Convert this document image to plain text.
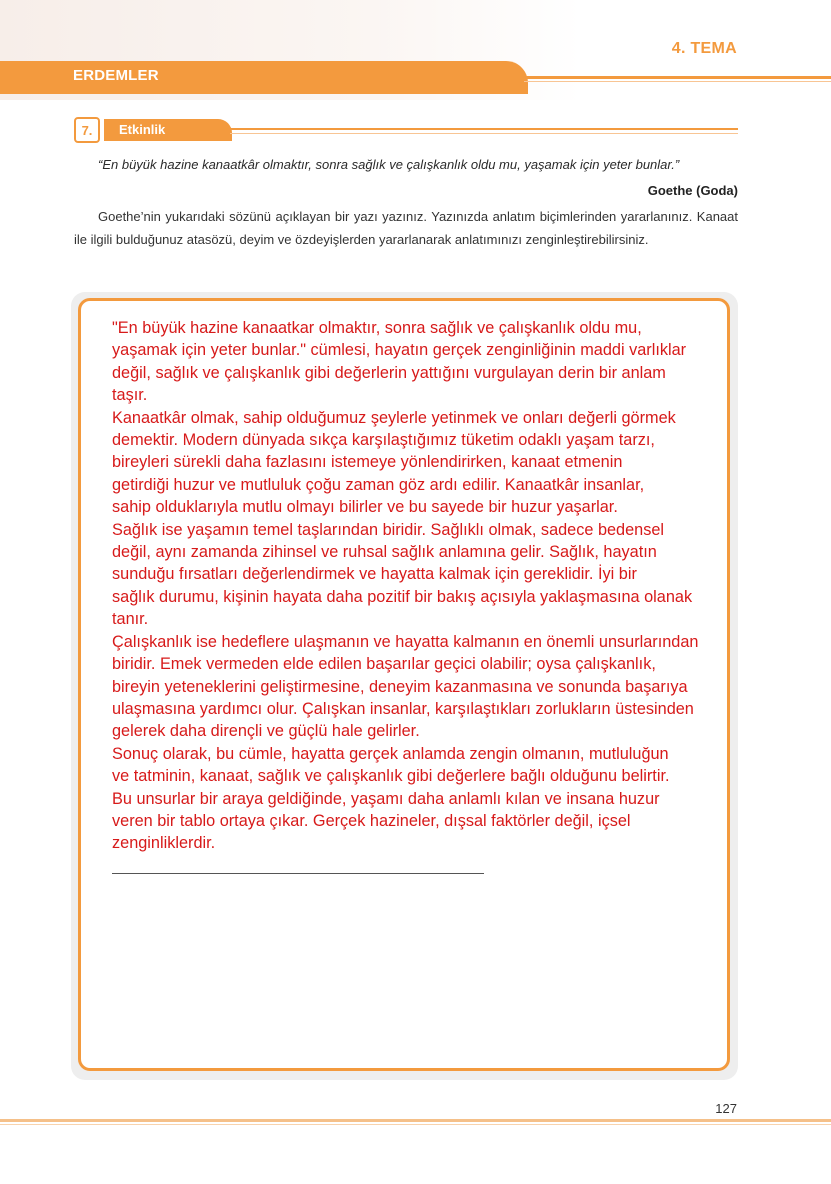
4. TEMA
ERDEMLER
7.	Etkinlik
“En büyük hazine kanaatkâr olmaktır, sonra sağlık ve çalışkanlık oldu mu, yaşamak için yeter bunlar.”
Goethe (Goda)
Goethe’nin yukarıdaki sözünü açıklayan bir yazı yazınız. Yazınızda anlatım biçimlerinden yararlanınız. Kanaat ile ilgili bulduğunuz atasözü, deyim ve özdeyişlerden yararlanarak anlatımınızı zenginleştirebilirsiniz.

"En büyük hazine kanaatkar olmaktır, sonra sağlık ve çalışkanlık oldu mu,

yaşamak için yeter bunlar." cümlesi, hayatın gerçek zenginliğinin maddi varlıklar

değil, sağlık ve çalışkanlık gibi değerlerin yattığını vurgulayan derin bir anlam

taşır.

Kanaatkâr olmak, sahip olduğumuz şeylerle yetinmek ve onları değerli görmek

demektir. Modern dünyada sıkça karşılaştığımız tüketim odaklı yaşam tarzı,

bireyleri sürekli daha fazlasını istemeye yönlendirirken, kanaat etmenin

getirdiği huzur ve mutluluk çoğu zaman göz ardı edilir. Kanaatkâr insanlar,

sahip olduklarıyla mutlu olmayı bilirler ve bu sayede bir huzur yaşarlar.

Sağlık ise yaşamın temel taşlarından biridir. Sağlıklı olmak, sadece bedensel

değil, aynı zamanda zihinsel ve ruhsal sağlık anlamına gelir. Sağlık, hayatın

sunduğu fırsatları değerlendirmek ve hayatta kalmak için gereklidir. İyi bir

sağlık durumu, kişinin hayata daha pozitif bir bakış açısıyla yaklaşmasına olanak

tanır.

Çalışkanlık ise hedeflere ulaşmanın ve hayatta kalmanın en önemli unsurlarından

biridir. Emek vermeden elde edilen başarılar geçici olabilir; oysa çalışkanlık,

bireyin yeteneklerini geliştirmesine, deneyim kazanmasına ve sonunda başarıya

ulaşmasına yardımcı olur. Çalışkan insanlar, karşılaştıkları zorlukların üstesinden

gelerek daha dirençli ve güçlü hale gelirler.

Sonuç olarak, bu cümle, hayatta gerçek anlamda zengin olmanın, mutluluğun

ve tatminin, kanaat, sağlık ve çalışkanlık gibi değerlere bağlı olduğunu belirtir.

Bu unsurlar bir araya geldiğinde, yaşamı daha anlamlı kılan ve insana huzur

veren bir tablo ortaya çıkar. Gerçek hazineler, dışsal faktörler değil, içsel

zenginliklerdir.

127
